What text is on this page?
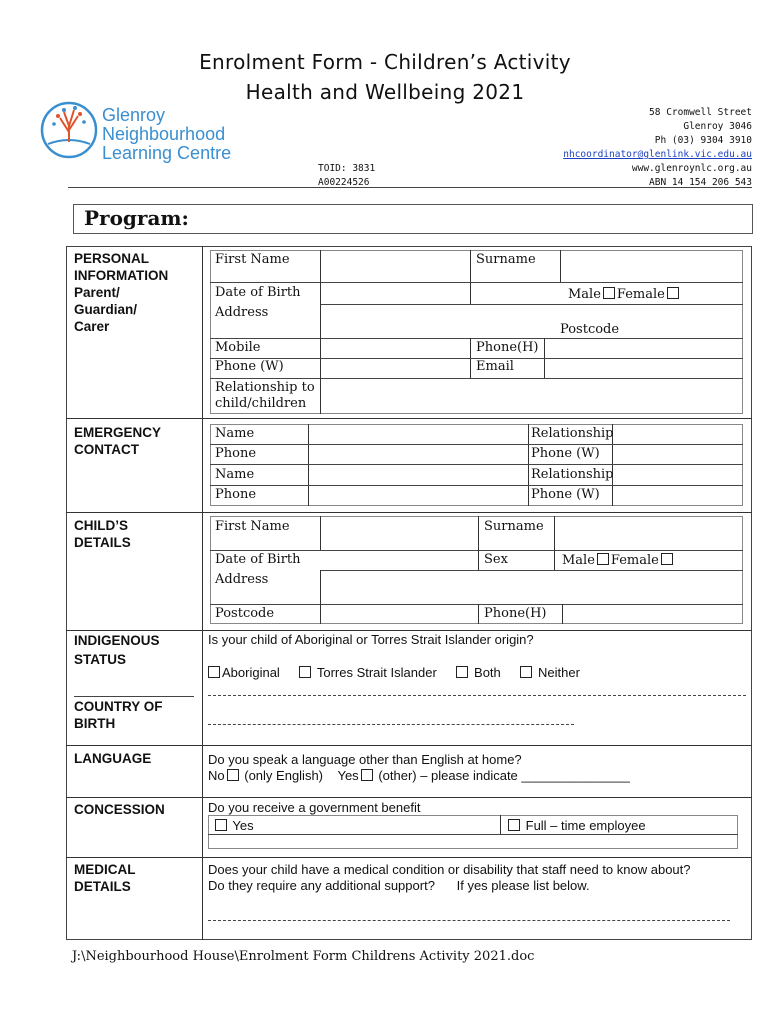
Enrolment Form - Children’s Activity
Health and Wellbeing 2021
Glenroy
Neighbourhood
Learning Centre
58 Cromwell Street
Glenroy 3046
Ph (03) 9304 3910
nhcoordinator@glenlink.vic.edu.au
www.glenroynlc.org.au
ABN 14 154 206 543
TOID: 3831
A00224526
Program:
PERSONAL
INFORMATION
Parent/
Guardian/
Carer
First Name	Surname
Date of Birth	Male Female
Address
Postcode
Mobile	Phone(H)
Phone (W)	Email
Relationship to
child/children
EMERGENCY
CONTACT
Name	Relationship
Phone	Phone (W)
Name	Relationship
Phone	Phone (W)
CHILD’S
DETAILS
First Name	Surname
Date of Birth	Sex	Male Female
Address
Postcode	Phone(H)
INDIGENOUS
STATUS
Is your child of Aboriginal or Torres Strait Islander origin?
Aboriginal	Torres Strait Islander	Both	Neither
COUNTRY OF
BIRTH
LANGUAGE	Do you speak a language other than English at home?
No (only English) Yes (other) – please indicate _______________
CONCESSION	Do you receive a government benefit
Yes	Full – time employee
MEDICAL
DETAILS
Does your child have a medical condition or disability that staff need to know about?
Do they require any additional support? If yes please list below.
J:\Neighbourhood House\Enrolment Form Childrens Activity 2021.doc
